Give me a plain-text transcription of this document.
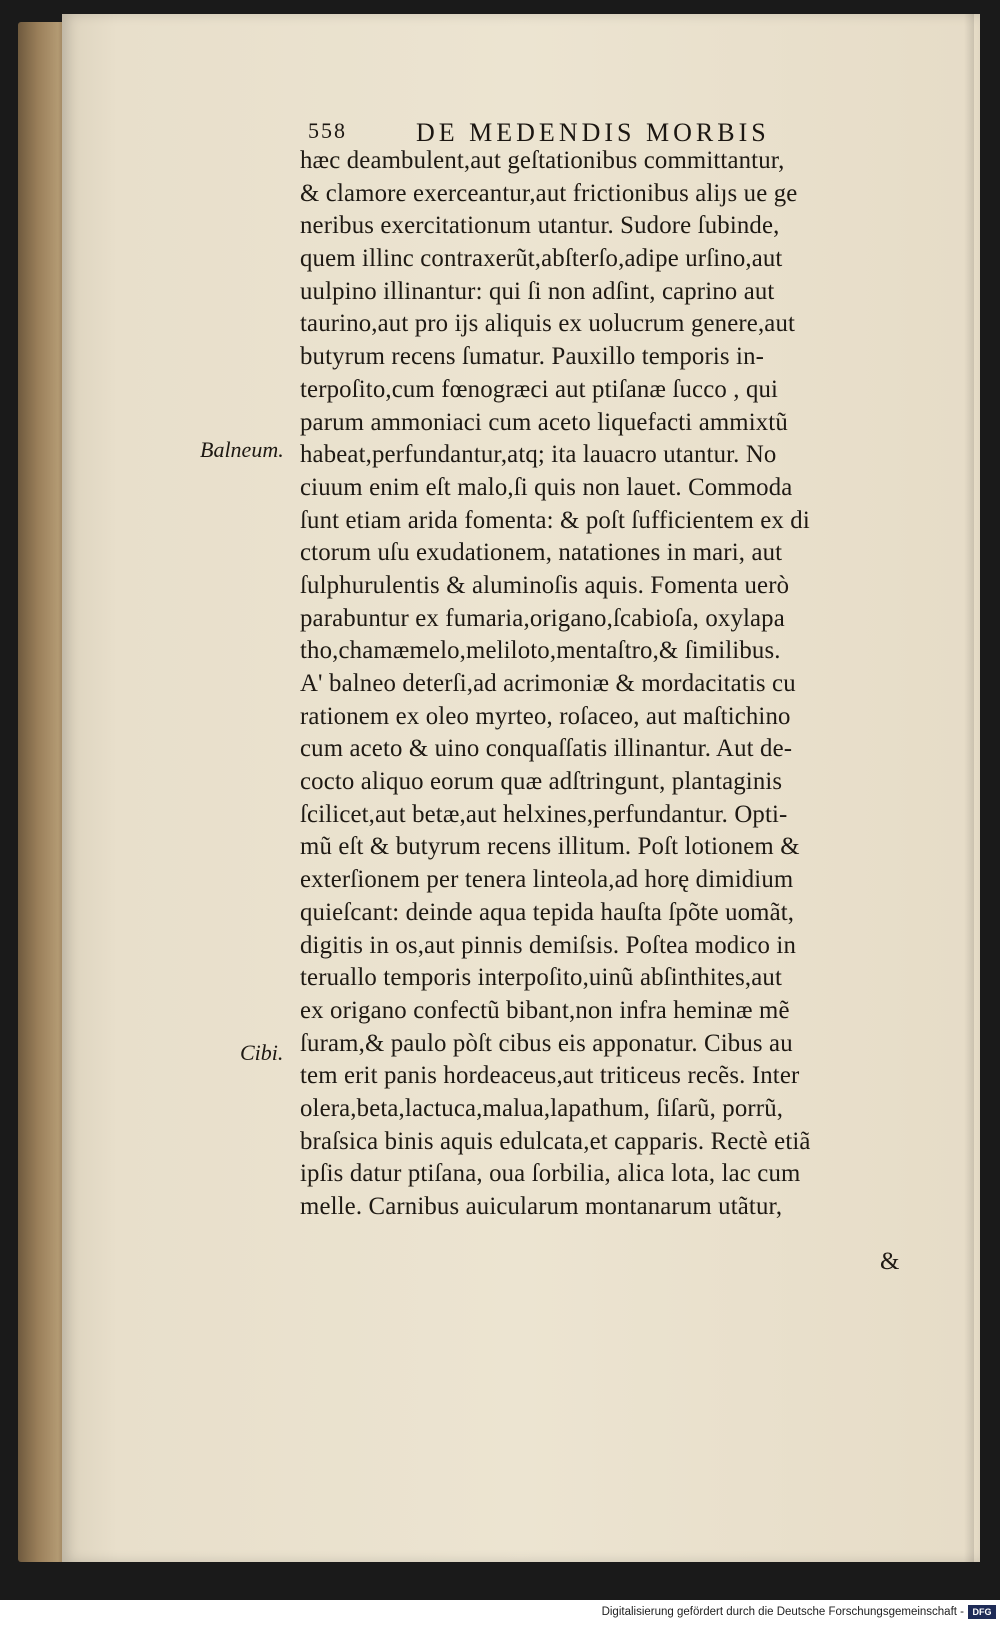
558	DE MEDENDIS MORBIS
Balneum.
Cibi.
hæc deambulent,aut geſtationibus committantur,
& clamore exerceantur,aut frictionibus aliȷs ue ge
neribus exercitationum utantur. Sudore ſubinde,
quem illinc contraxerũt,abſterſo,adipe urſino,aut
uulpino illinantur: qui ſi non adſint, caprino aut
taurino,aut pro ijs aliquis ex uolucrum genere,aut
butyrum recens ſumatur. Pauxillo temporis in-
terpoſito,cum fœnogræci aut ptiſanæ ſucco , qui
parum ammoniaci cum aceto liquefacti ammixtũ
habeat,perfundantur,atq; ita lauacro utantur. No
ciuum enim eſt malo,ſi quis non lauet. Commoda
ſunt etiam arida fomenta: & poſt ſufficientem ex di
ctorum uſu exudationem, natationes in mari, aut
ſulphurulentis & aluminoſis aquis. Fomenta uerò
parabuntur ex fumaria,origano,ſcabioſa, oxylapa
tho,chamæmelo,meliloto,mentaſtro,& ſimilibus.
A' balneo deterſi,ad acrimoniæ & mordacitatis cu
rationem ex oleo myrteo, roſaceo, aut maſtichino
cum aceto & uino conquaſſatis illinantur. Aut de-
cocto aliquo eorum quæ adſtringunt, plantaginis
ſcilicet,aut betæ,aut helxines,perfundantur. Opti-
mũ eſt & butyrum recens illitum. Poſt lotionem &
exterſionem per tenera linteola,ad horę dimidium
quieſcant: deinde aqua tepida hauſta ſpõte uomãt,
digitis in os,aut pinnis demiſsis. Poſtea modico in
teruallo temporis interpoſito,uinũ abſinthites,aut
ex origano confectũ bibant,non infra heminæ mẽ
ſuram,& paulo pòſt cibus eis apponatur. Cibus au
tem erit panis hordeaceus,aut triticeus recẽs. Inter
olera,beta,lactuca,malua,lapathum, ſiſarũ, porrũ,
braſsica binis aquis edulcata,et capparis. Rectè etiã
ipſis datur ptiſana, oua ſorbilia, alica lota, lac cum
melle. Carnibus auicularum montanarum utãtur,
&
Digitalisierung gefördert durch die Deutsche Forschungsgemeinschaft - DFG
